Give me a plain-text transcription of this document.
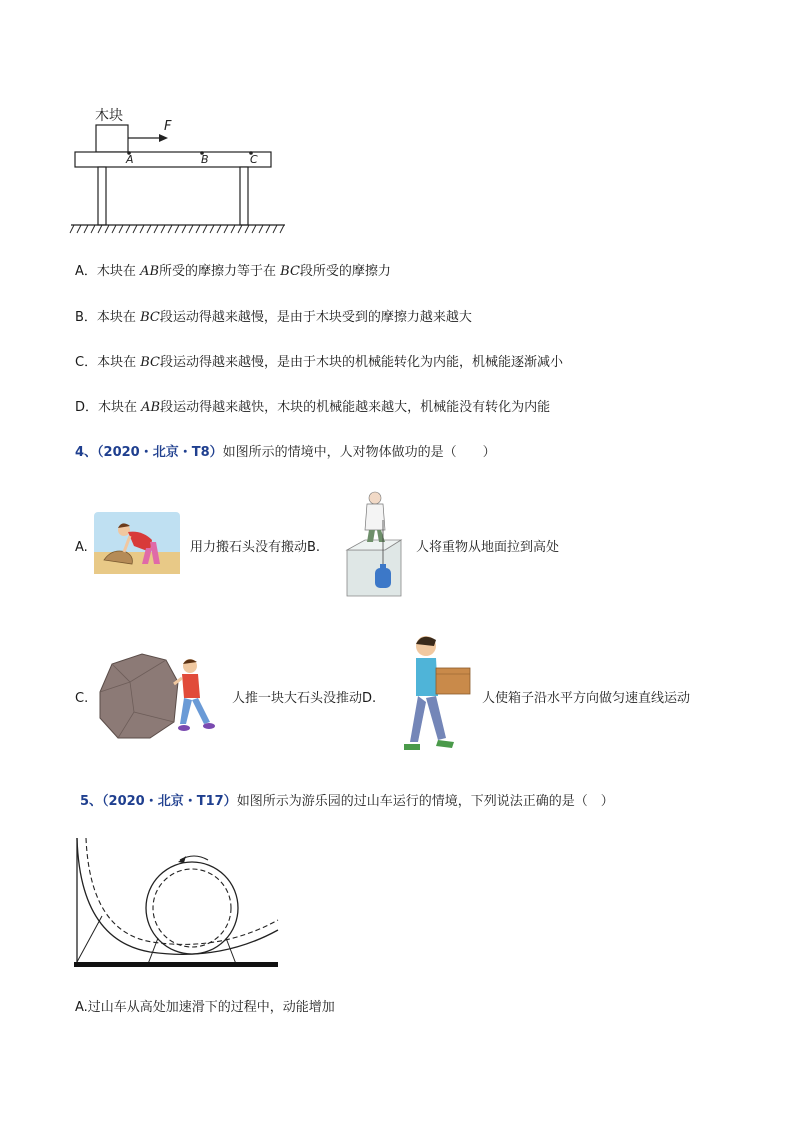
木块
F
A	B	C
A．木块在 AB所受的摩擦力等于在 BC段所受的摩擦力
B．本块在 BC段运动得越来越慢，是由于木块受到的摩擦力越来越大
C．本块在 BC段运动得越来越慢，是由于木块的机械能转化为内能，机械能逐渐减小
D．木块在 AB段运动得越来越快，木块的机械能越来越大，机械能没有转化为内能
4、（2020・北京・T8）如图所示的情境中，人对物体做功的是（　　）
A.	用力搬石头没有搬动B.	人将重物从地面拉到高处
C.	人推一块大石头没推动D.	人使箱子沿水平方向做匀速直线运动
5、（2020・北京・T17）如图所示为游乐园的过山车运行的情境，下列说法正确的是（　）
A.过山车从高处加速滑下的过程中，动能增加
